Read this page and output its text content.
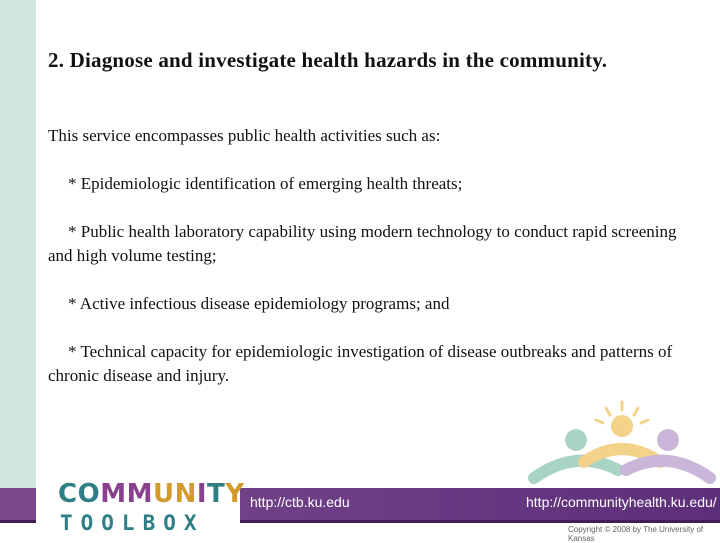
2. Diagnose and investigate health hazards in the community.

This service encompasses public health activities such as:

* Epidemiologic identification of emerging health threats;

* Public health laboratory capability using modern technology to conduct rapid screening and high volume testing;

* Active infectious disease epidemiology programs; and

* Technical capacity for epidemiologic investigation of disease outbreaks and patterns of chronic disease and injury.

COMMUNITY
TOOLBOX
http://ctb.ku.edu	http://communityhealth.ku.edu/
Copyright © 2008 by The University of Kansas
